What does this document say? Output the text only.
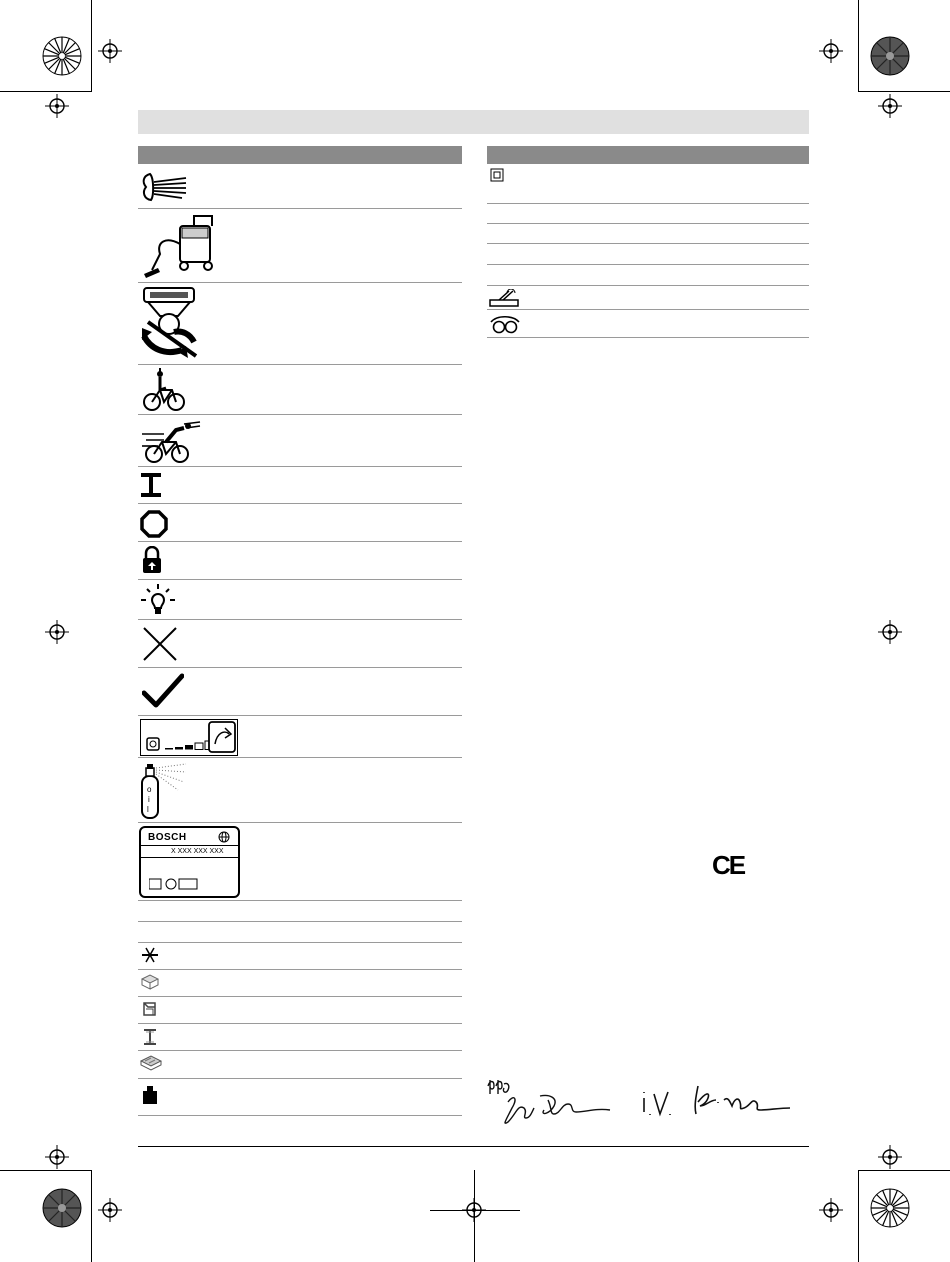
o
i
l
BOSCH
X XXX XXX XXX	CE
